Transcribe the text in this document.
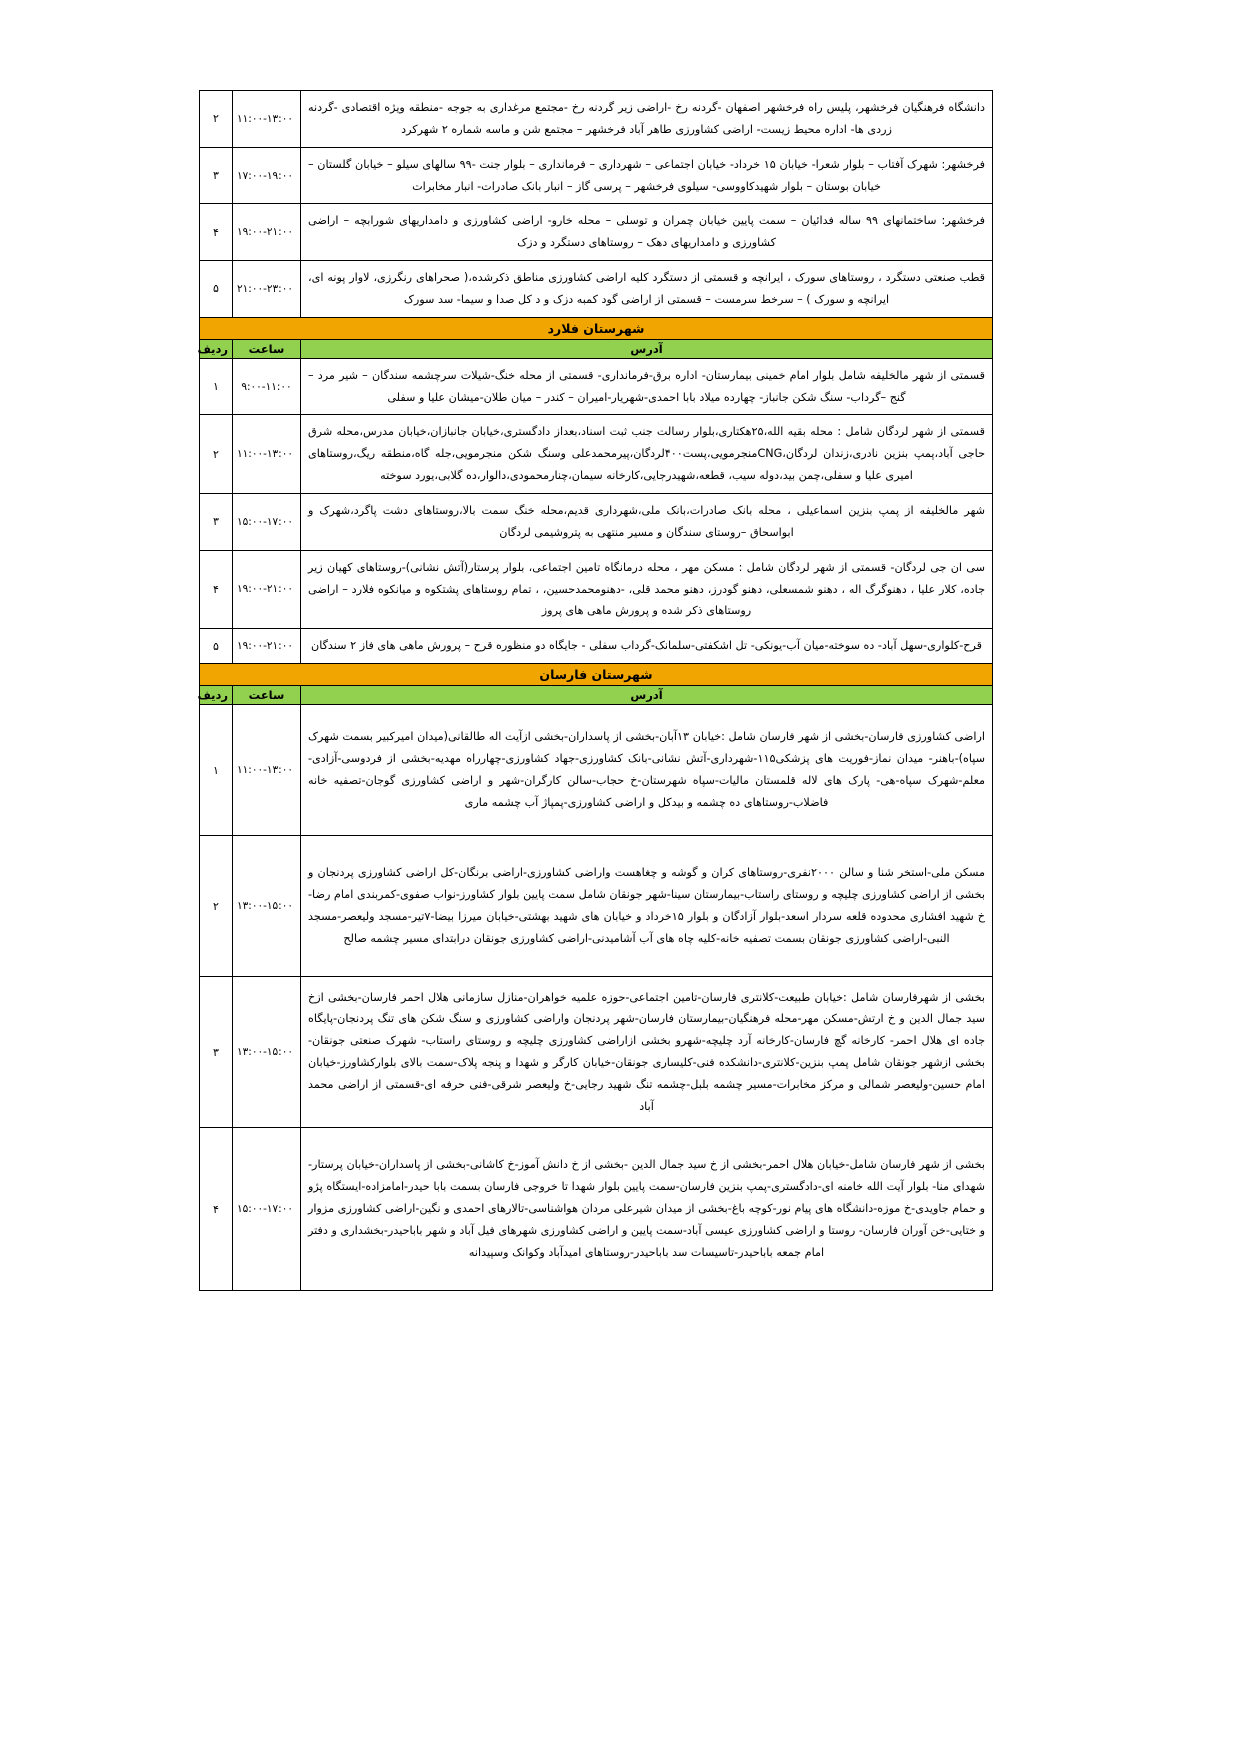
دانشگاه فرهنگیان فرخشهر، پلیس راه فرخشهر اصفهان -گردنه رخ -اراضی زیر گردنه رخ -مجتمع مرغداری به جوجه -منطقه ویژه اقتصادی -گردنه زردی ها- اداره محیط زیست- اراضی کشاورزی طاهر آباد فرخشهر – مجتمع شن و ماسه شماره ۲ شهرکرد	۱۱:۰۰-۱۳:۰۰	۲
فرخشهر: شهرک آفتاب – بلوار شعرا- خیابان ۱۵ خرداد- خیابان اجتماعی – شهرداری – فرمانداری – بلوار جنت -۹۹ سالهای سیلو – خیابان گلستان – خیابان بوستان – بلوار شهیدکاووسی- سیلوی فرخشهر – پرسی گاز – انبار بانک صادرات- انبار مخابرات	۱۷:۰۰-۱۹:۰۰	۳
فرخشهر: ساختمانهای ۹۹ ساله فدائیان – سمت پایین خیابان چمران و توسلی – محله خارو- اراضی کشاورزی و دامداریهای شورابچه – اراضی کشاورزی و دامداریهای دهک – روستاهای دستگرد و دزک	۱۹:۰۰-۲۱:۰۰	۴
قطب صنعتی دستگرد ، روستاهای سورک ، ایرانچه و قسمتی از دستگرد کلیه اراضی کشاورزی مناطق ذکرشده،( صحراهای رنگرزی، لاوار پونه ای، ایرانچه و سورک ) – سرخط سرمست – قسمتی از اراضی گود کمبه دزک و د کل صدا و سیما- سد سورک	۲۱:۰۰-۲۳:۰۰	۵
شهرستان فلارد		
آدرس	ساعت	ردیف
قسمتی از شهر مالخلیفه شامل بلوار امام خمینی بیمارستان- اداره برق-فرمانداری- قسمتی از محله خنگ-شیلات سرچشمه سندگان – شیر مرد – گنج –گرداب- سنگ شکن جانباز- چهارده میلاد بابا احمدی-شهریار-امیران – کندر – میان طلان-میشان علیا و سفلی	۹:۰۰-۱۱:۰۰	۱
قسمتی از شهر لردگان شامل : محله بقیه الله،۲۵هکتاری،بلوار رسالت جنب ثبت اسناد،بعداز دادگستری،خیابان جانبازان،خیابان مدرس،محله شرق حاجی آباد،پمپ بنزین نادری،زندان لردگان،CNGمنجرمویی،پست۴۰۰لردگان،پیرمحمدعلی وسنگ شکن منجرمویی،جله گاه،منطقه ریگ،روستاهای امیری علیا و سفلی،چمن بید،دوله سیب، قطعه،شهیدرجایی،کارخانه سیمان،چنارمحمودی،دالوار،ده گلابی،یورد سوخته	۱۱:۰۰-۱۳:۰۰	۲
شهر مالخلیفه از پمپ بنزین اسماعیلی ، محله بانک صادرات،بانک ملی،شهرداری قدیم،محله خنگ سمت بالا،روستاهای دشت پاگرد،شهرک و ابواسحاق –روستای سندگان و مسیر منتهی به پتروشیمی لردگان	۱۵:۰۰-۱۷:۰۰	۳
سی ان جی لردگان- قسمتی از شهر لردگان شامل : مسکن مهر ، محله درمانگاه تامین اجتماعی، بلوار پرستار(آتش نشانی)-روستاهای کهیان زیر جاده، کلار علیا ، دهنوگرگ اله ، دهنو شمسعلی، دهنو گودرز، دهنو محمد قلی، -دهنومحمدحسین، ، تمام روستاهای پشتکوه و میانکوه فلارد – اراضی روستاهای ذکر شده و پرورش ماهی های پروز	۱۹:۰۰-۲۱:۰۰	۴
قرح-کلواری-سهل آباد- ده سوخته-میان آب-یونکی- تل اشکفتی-سلمانک-گرداب سفلی - جایگاه دو منظوره قرح – پرورش ماهی های فاز ۲ سندگان	۱۹:۰۰-۲۱:۰۰	۵
شهرستان فارسان		
آدرس	ساعت	ردیف
اراضی کشاورزی فارسان-بخشی از شهر فارسان شامل :خیابان ۱۳آبان-بخشی از پاسداران-بخشی ازآیت اله طالقانی(میدان امیرکبیر بسمت شهرک سپاه)-باهنر- میدان نماز-فوریت های پزشکی۱۱۵-شهرداری-آتش نشانی-بانک کشاورزی-جهاد کشاورزی-چهارراه مهدیه-بخشی از فردوسی-آزادی-معلم-شهرک سپاه-هی- پارک های لاله قلمستان مالیات-سپاه شهرستان-خ حجاب-سالن کارگران-شهر و اراضی کشاورزی گوجان-تصفیه خانه فاضلاب-روستاهای ده چشمه و بیدکل و اراضی کشاورزی-پمپاژ آب چشمه ماری	۱۱:۰۰-۱۳:۰۰	۱
مسکن ملی-استخر شنا و سالن ۲۰۰۰نفری-روستاهای کران و گوشه و چغاهست واراضی کشاورزی-اراضی برنگان-کل اراضی کشاورزی پردنجان و بخشی از اراضی کشاورزی چلیچه و روستای راستاب-بیمارستان سینا-شهر جونقان شامل سمت پایین بلوار کشاورز-نواب صفوی-کمربندی امام رضا-خ شهید افشاری محدوده قلعه سردار اسعد-بلوار آزادگان و بلوار ۱۵خرداد و خیابان های شهید بهشتی-خیابان میرزا بیضا-۷تیر-مسجد ولیعصر-مسجد النبی-اراضی کشاورزی جونقان بسمت تصفیه خانه-کلیه چاه های آب آشامیدنی-اراضی کشاورزی جونقان درابتدای مسیر چشمه صالح	۱۳:۰۰-۱۵:۰۰	۲
بخشی از شهرفارسان شامل :خیابان طبیعت-کلانتری فارسان-تامین اجتماعی-حوزه علمیه خواهران-منازل سازمانی هلال احمر فارسان-بخشی ازخ سید جمال الدین و خ ارتش-مسکن مهر-محله فرهنگیان-بیمارستان فارسان-شهر پردنجان واراضی کشاورزی و سنگ شکن های تنگ پردنجان-پایگاه جاده ای هلال احمر- کارخانه گچ فارسان-کارخانه آرد چلیچه-شهرو بخشی ازاراضی کشاورزی چلیچه و روستای راستاب- شهرک صنعتی جونقان-بخشی ازشهر جونقان شامل پمپ بنزین-کلانتری-دانشکده فنی-کلیساری جونقان-خیابان کارگر و شهدا و پنجه پلاک-سمت بالای بلوارکشاورز-خیابان امام حسین-ولیعصر شمالی و مرکز مخابرات-مسیر چشمه بلبل-چشمه تنگ شهید رجایی-خ ولیعصر شرقی-فنی حرفه ای-قسمتی از اراضی محمد آباد	۱۳:۰۰-۱۵:۰۰	۳
بخشی از شهر فارسان شامل-خیابان هلال احمر-بخشی از خ سید جمال الدین -بخشی از خ دانش آموز-خ کاشانی-بخشی از پاسداران-خیابان پرستار-شهدای منا- بلوار آیت الله خامنه ای-دادگستری-پمپ بنزین فارسان-سمت پایین بلوار شهدا تا خروجی فارسان بسمت بابا حیدر-امامزاده-ایستگاه پژو و حمام جاویدی-خ موزه-دانشگاه های پیام نور-کوچه باغ-بخشی از میدان شیرعلی مردان هواشناسی-تالارهای احمدی و نگین-اراضی کشاورزی مزوار و ختایی-خن آوران فارسان- روستا و اراضی کشاورزی عیسی آباد-سمت پایین و اراضی کشاورزی شهرهای فیل آباد و شهر باباحیدر-بخشداری و دفتر امام جمعه باباحیدر-تاسیسات سد باباحیدر-روستاهای امیدآباد وکوانک وسپیدانه	۱۵:۰۰-۱۷:۰۰	۴
